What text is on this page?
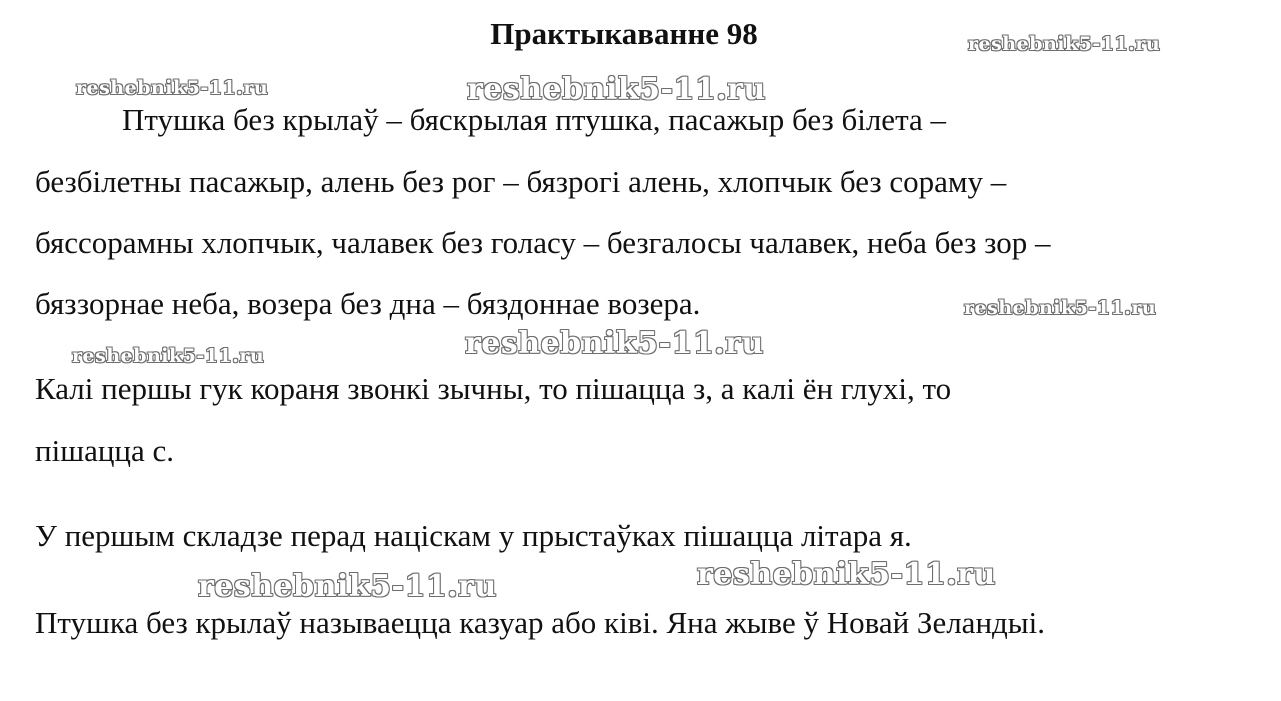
Практыкаванне 98
Птушка без крылаў – бяскрылая птушка, пасажыр без білета –
безбілетны пасажыр, алень без рог – бязрогі алень, хлопчык без сораму –
бяссорамны хлопчык, чалавек без голасу – безгалосы чалавек, неба без зор –
бяззорнае неба, возера без дна – бяздоннае возера.
Калі першы гук кораня звонкі зычны, то пішацца з, а калі ён глухі, то
пішацца с.
У першым складзе перад націскам у прыстаўках пішацца літара я.
Птушка без крылаў называецца казуар або ківі. Яна жыве ў Новай Зеландыі.
reshebnik5-11.ru
reshebnik5-11.ru	reshebnik5-11.ru
reshebnik5-11.ru
reshebnik5-11.ru
reshebnik5-11.ru
reshebnik5-11.ru	reshebnik5-11.ru
